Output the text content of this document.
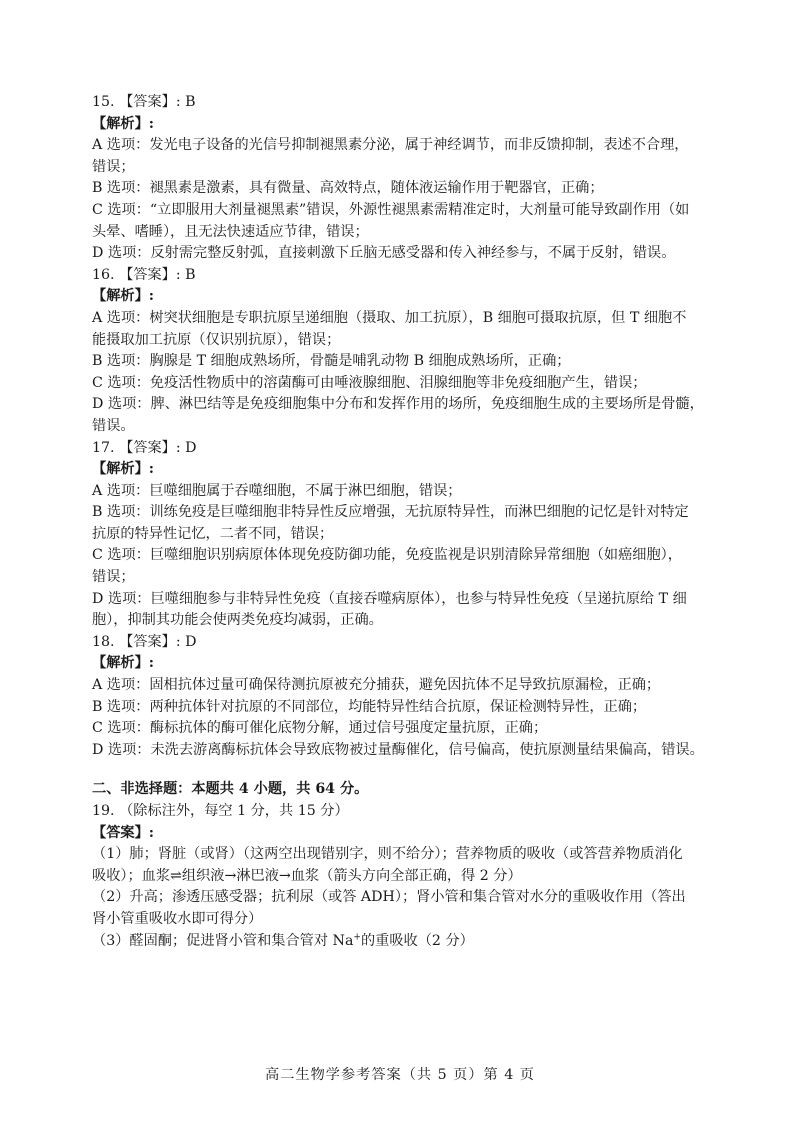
15. 【答案】: B
【解析】:
A 选项：发光电子设备的光信号抑制褪黑素分泌，属于神经调节，而非反馈抑制，表述不合理，
错误；
B 选项：褪黑素是激素，具有微量、高效特点，随体液运输作用于靶器官，正确；
C 选项：“立即服用大剂量褪黑素”错误，外源性褪黑素需精准定时，大剂量可能导致副作用（如
头晕、嗜睡），且无法快速适应节律，错误；
D 选项：反射需完整反射弧，直接刺激下丘脑无感受器和传入神经参与，不属于反射，错误。
16. 【答案】: B
【解析】:
A 选项：树突状细胞是专职抗原呈递细胞（摄取、加工抗原），B 细胞可摄取抗原，但 T 细胞不
能摄取加工抗原（仅识别抗原），错误；
B 选项：胸腺是 T 细胞成熟场所，骨髓是哺乳动物 B 细胞成熟场所，正确；
C 选项：免疫活性物质中的溶菌酶可由唾液腺细胞、泪腺细胞等非免疫细胞产生，错误；
D 选项：脾、淋巴结等是免疫细胞集中分布和发挥作用的场所，免疫细胞生成的主要场所是骨髓，
错误。
17. 【答案】: D
【解析】:
A 选项：巨噬细胞属于吞噬细胞，不属于淋巴细胞，错误；
B 选项：训练免疫是巨噬细胞非特异性反应增强，无抗原特异性，而淋巴细胞的记忆是针对特定
抗原的特异性记忆，二者不同，错误；
C 选项：巨噬细胞识别病原体体现免疫防御功能，免疫监视是识别清除异常细胞（如癌细胞），
错误；
D 选项：巨噬细胞参与非特异性免疫（直接吞噬病原体），也参与特异性免疫（呈递抗原给 T 细
胞），抑制其功能会使两类免疫均减弱，正确。
18. 【答案】: D
【解析】:
A 选项：固相抗体过量可确保待测抗原被充分捕获，避免因抗体不足导致抗原漏检，正确；
B 选项：两种抗体针对抗原的不同部位，均能特异性结合抗原，保证检测特异性，正确；
C 选项：酶标抗体的酶可催化底物分解，通过信号强度定量抗原，正确；
D 选项：未洗去游离酶标抗体会导致底物被过量酶催化，信号偏高，使抗原测量结果偏高，错误。
二、非选择题：本题共 4 小题，共 64 分。
19. （除标注外，每空 1 分，共 15 分）
【答案】:
（1）肺；肾脏（或肾）（这两空出现错别字，则不给分）；营养物质的吸收（或答营养物质消化
吸收）；血浆⇌组织液→淋巴液→血浆（箭头方向全部正确，得 2 分）
（2）升高；渗透压感受器；抗利尿（或答 ADH）；肾小管和集合管对水分的重吸收作用（答出
肾小管重吸收水即可得分）
（3）醛固酮；促进肾小管和集合管对 Na+的重吸收（2 分）
高二生物学参考答案（共 5 页）第 4 页
